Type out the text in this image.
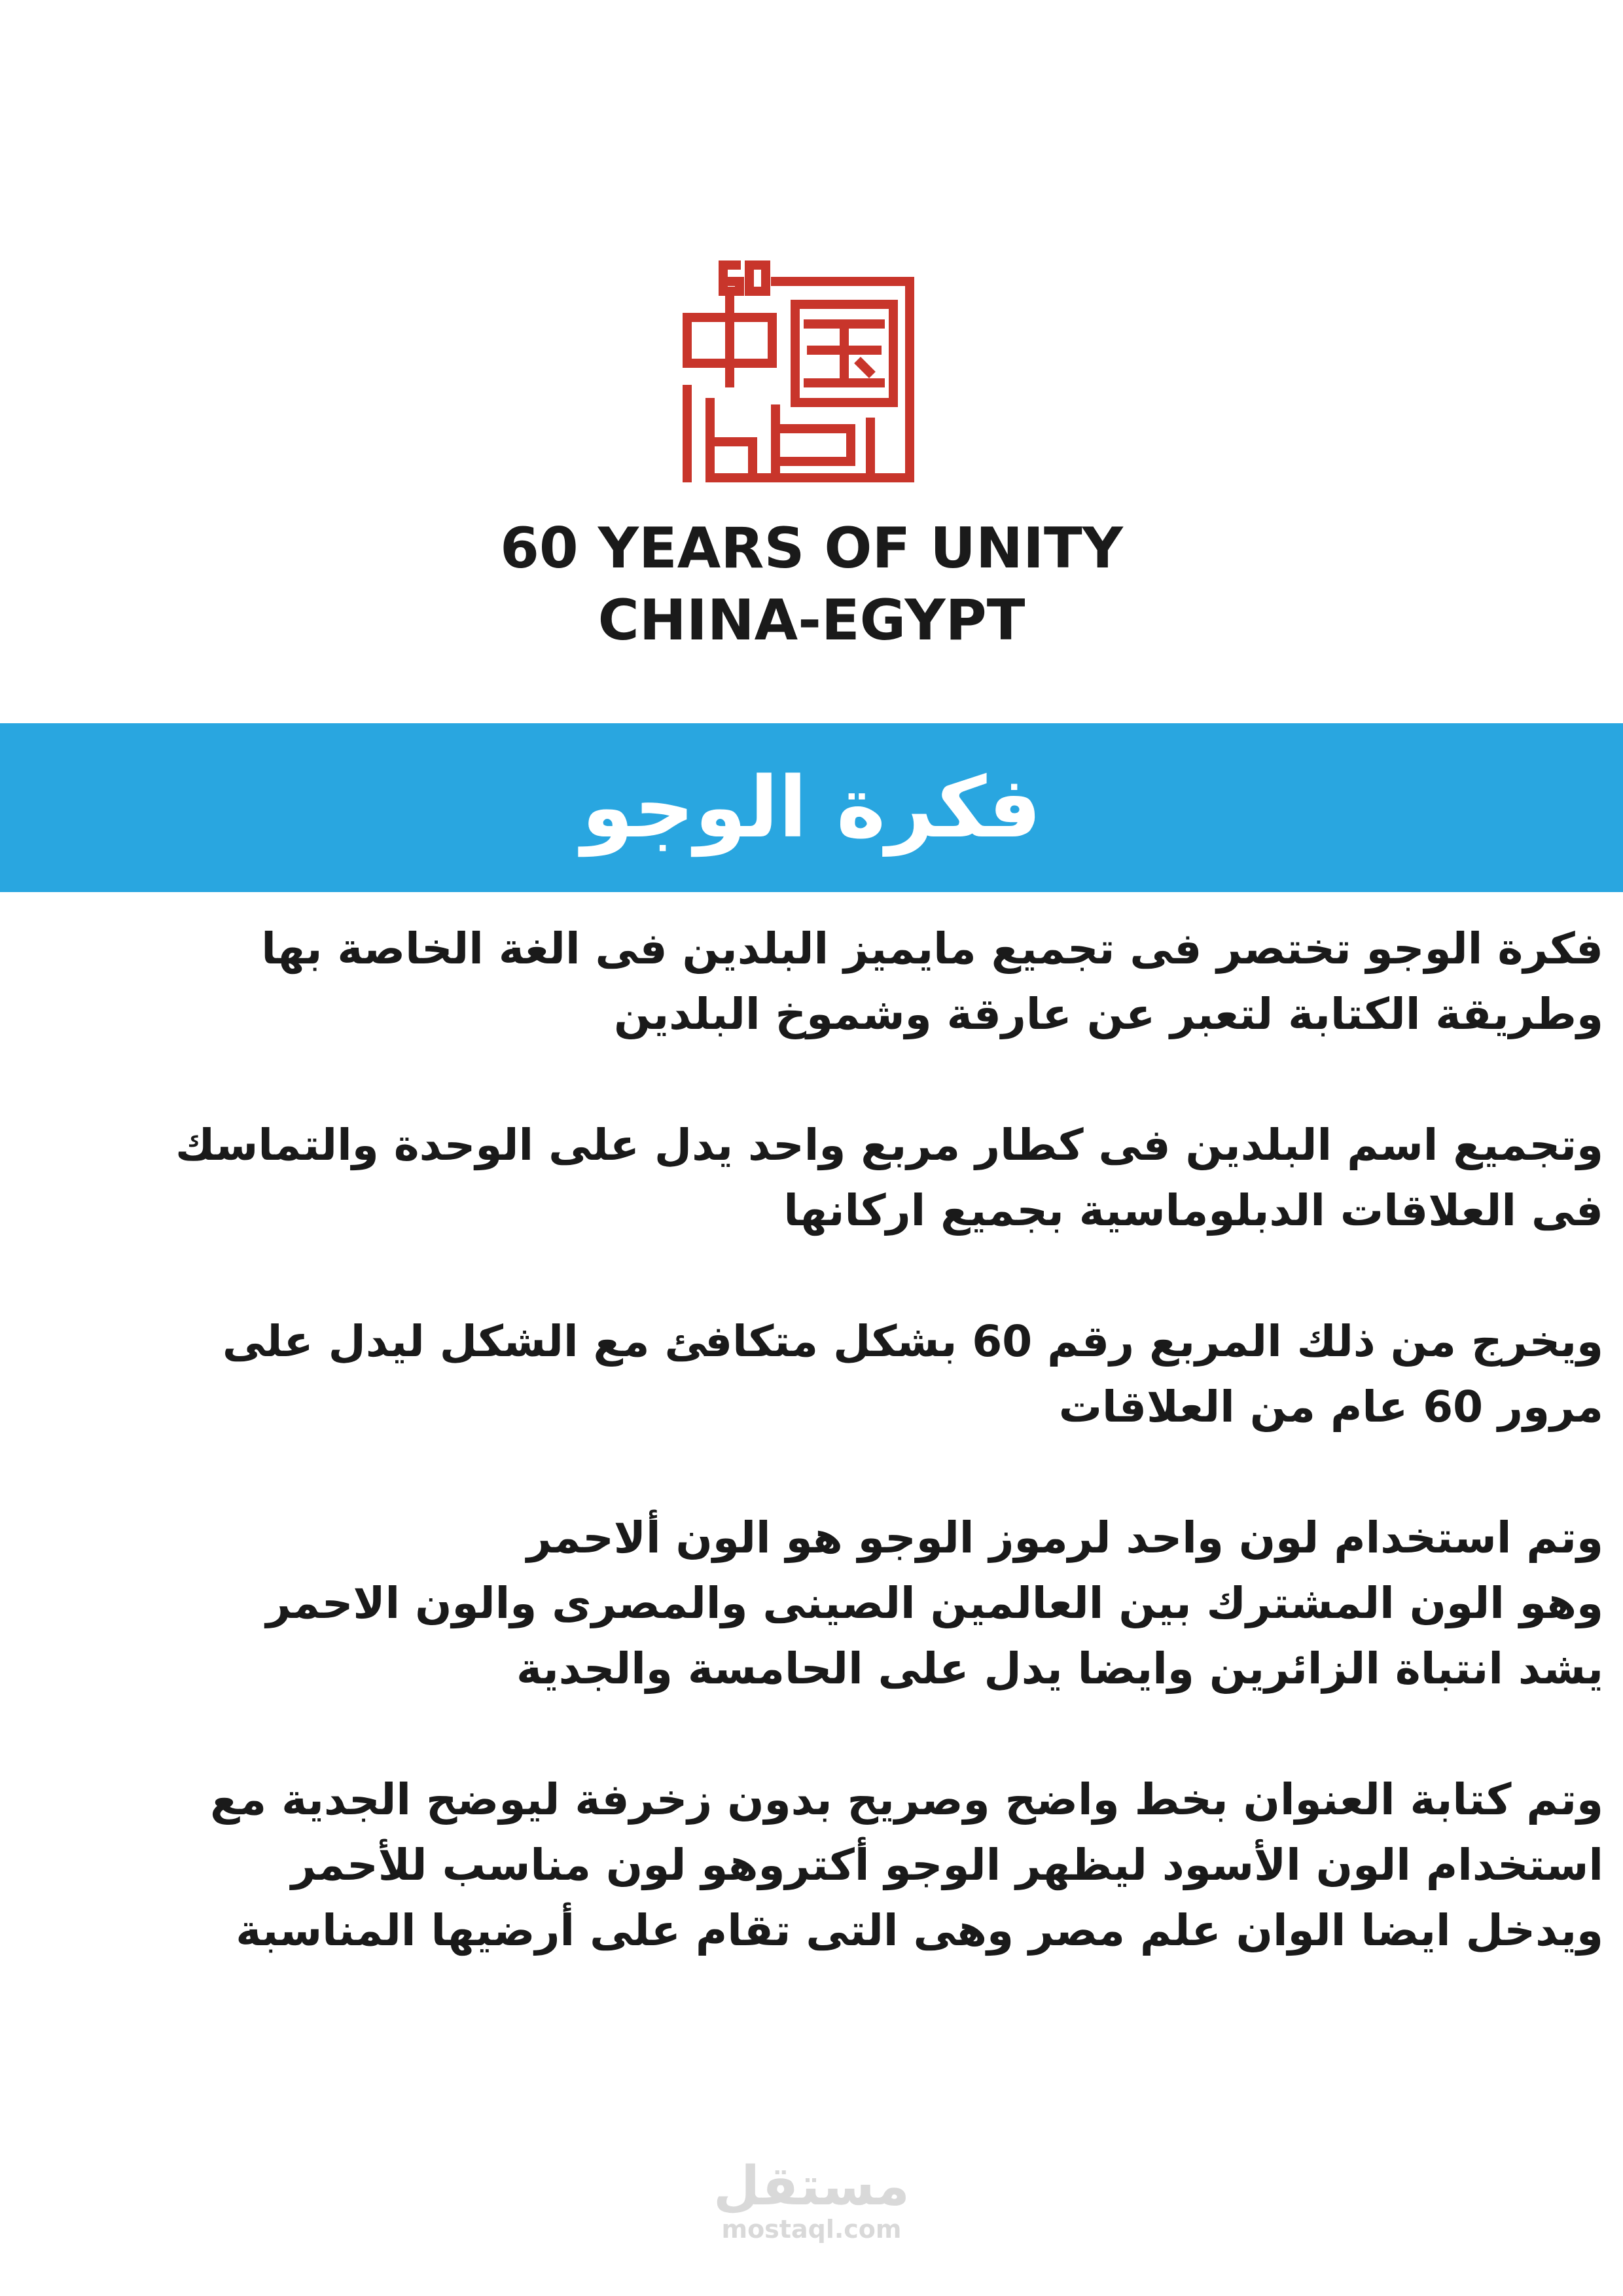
60 YEARS OF UNITY
CHINA-EGYPT
فكرة الوجو

فكرة الوجو تختصر فى تجميع مايميز البلدين فى الغة الخاصة بها
وطريقة الكتابة لتعبر عن عارقة وشموخ البلدين

وتجميع اسم البلدين فى كطار مربع واحد يدل على الوحدة والتماسك
فى العلاقات الدبلوماسية بجميع اركانها

ويخرج من ذلك المربع رقم 60 بشكل متكافئ مع الشكل ليدل على
مرور 60 عام من العلاقات

وتم استخدام لون واحد لرموز الوجو هو الون ألاحمر
وهو الون المشترك بين العالمين الصينى والمصرى والون الاحمر
يشد انتباة الزائرين وايضا يدل على الحامسة والجدية

وتم كتابة العنوان بخط واضح وصريح بدون زخرفة ليوضح الجدية مع
استخدام الون الأسود ليظهر الوجو أكتروهو لون مناسب للأحمر
ويدخل ايضا الوان علم مصر وهى التى تقام على أرضيها المناسبة

مستقل
mostaql.com
